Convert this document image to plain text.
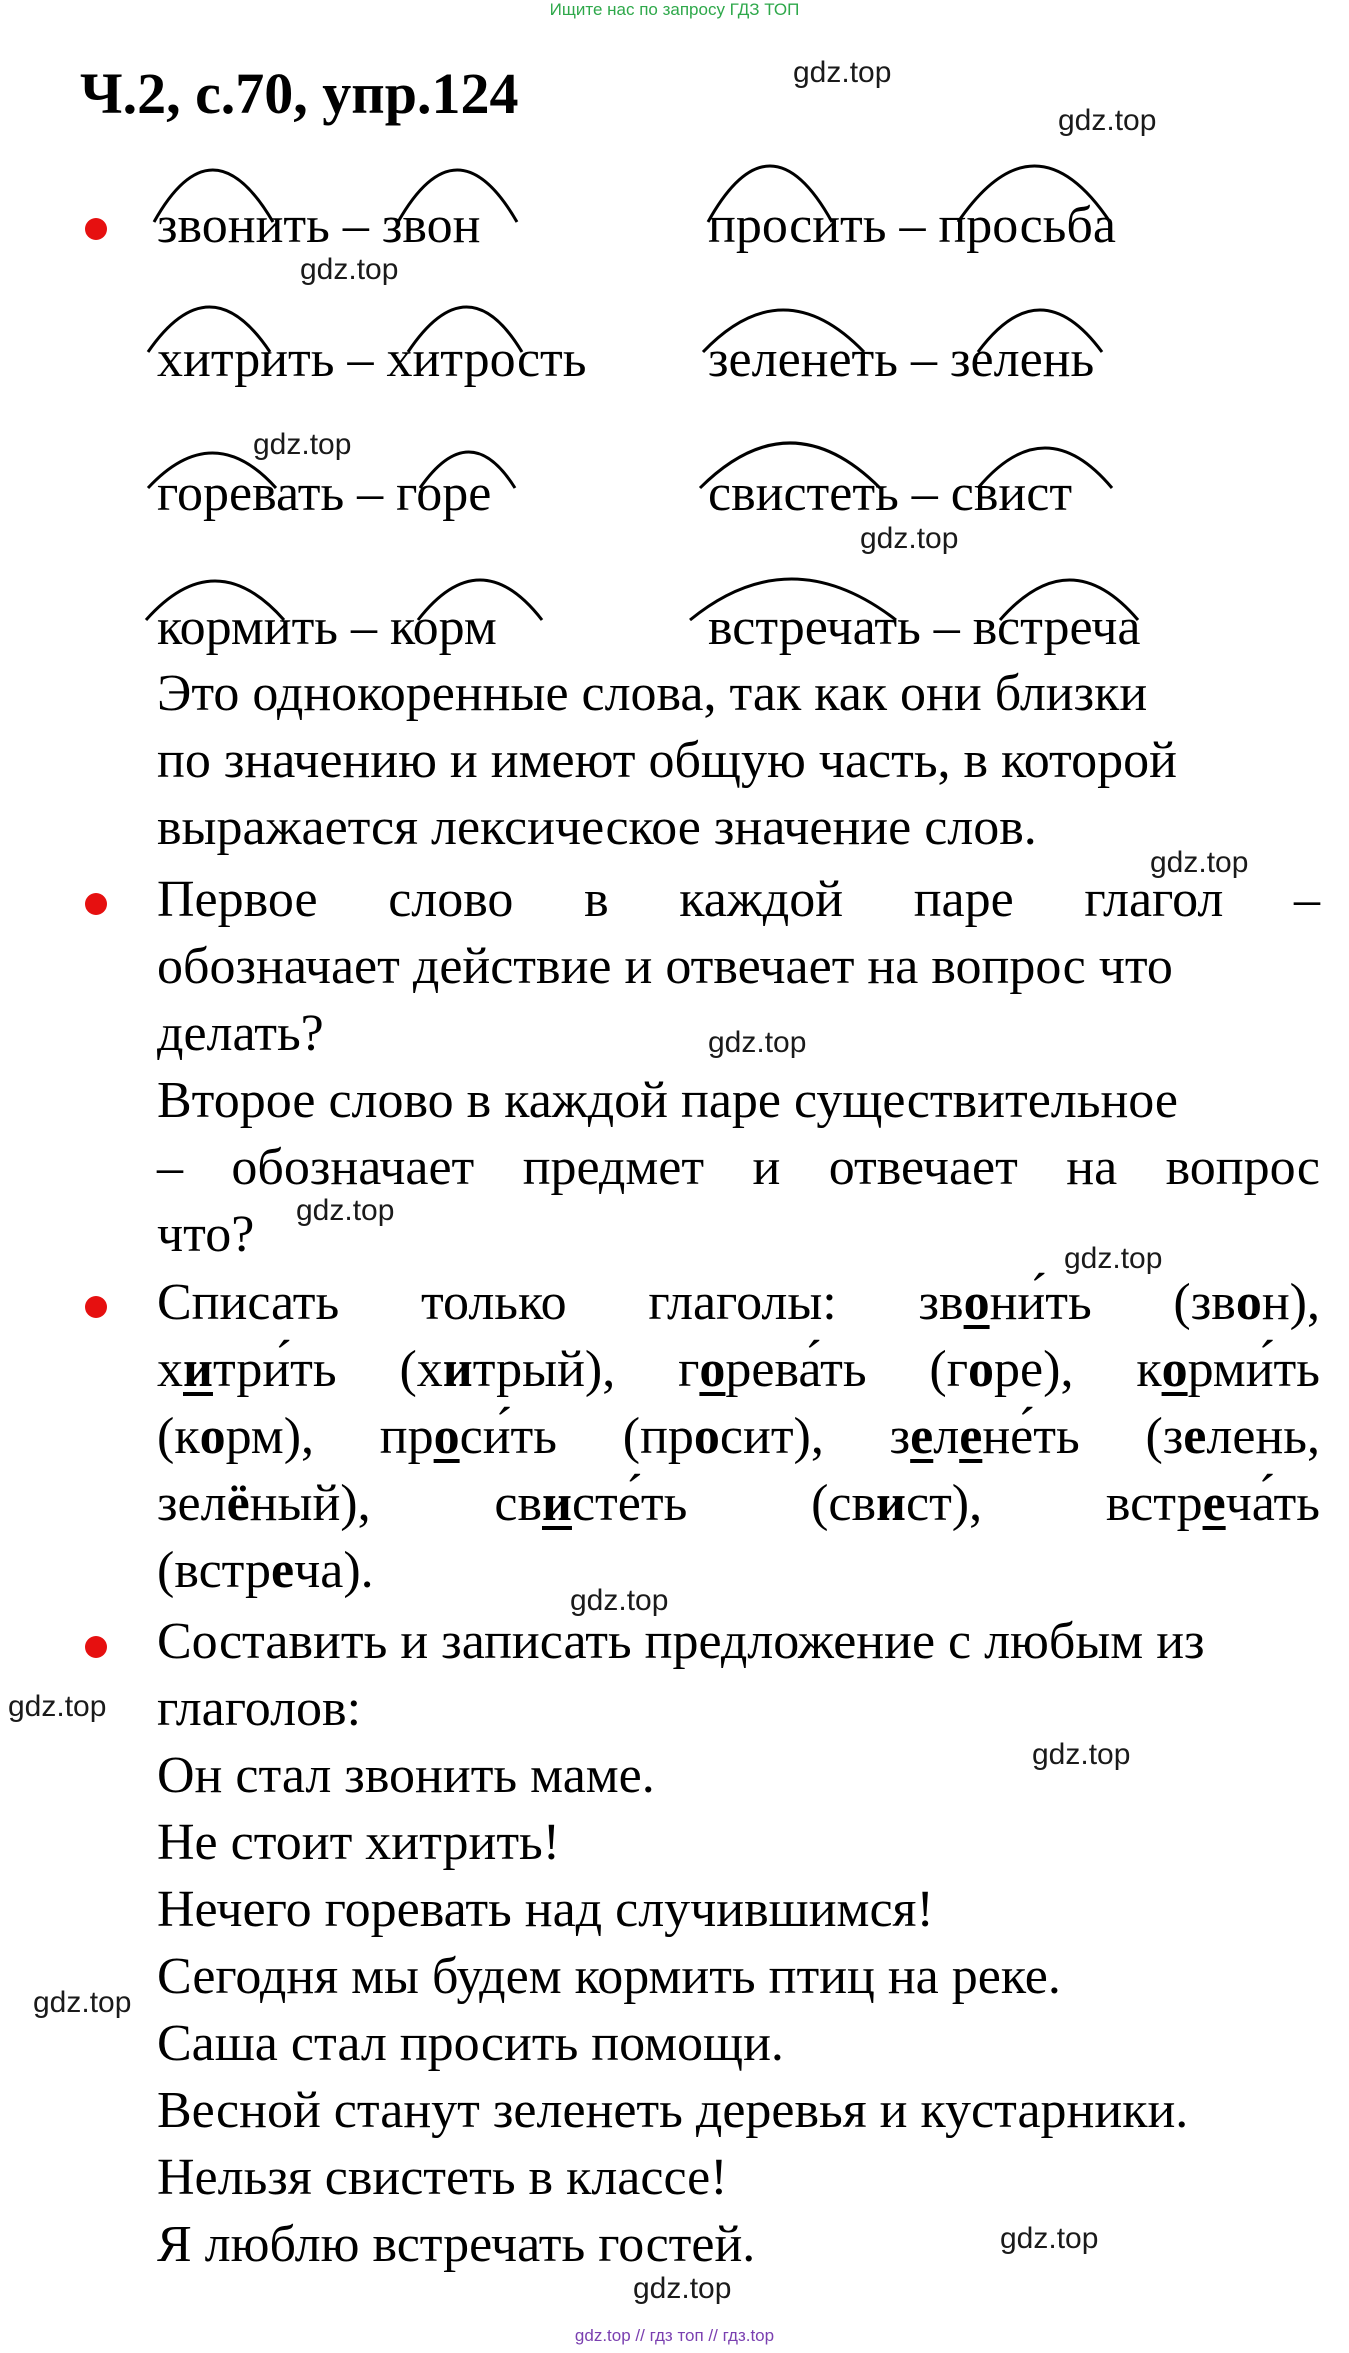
Ищите нас по запросу ГДЗ ТОП
Ч.2, с.70, упр.124	gdz.top
gdz.top
gdz.top
gdz.top
gdz.top
gdz.top
gdz.top
gdz.top
gdz.top
gdz.top
gdz.top
gdz.top
gdz.top
gdz.top
gdz.top
звонить – звон	просить – просьба
хитрить – хитрость зеленеть – зелень
горевать – горе	свистеть – свист
кормить – корм	встречать – встреча
Это однокоренные слова, так как они близки
по значению и имеют общую часть, в которой
выражается лексическое значение слов.
Первое слово в каждой паре глагол –
обозначает действие и отвечает на вопрос что
делать?
Второе слово в каждой паре существительное
– обозначает предмет и отвечает на вопрос
что?
Списать только глаголы: звони́ть (звон),
хитри́ть (хитрый), горева́ть (горе), корми́ть
(корм), проси́ть (просит), зелене́ть (зелень,
зелёный), свисте́ть (свист), встреча́ть
(встреча).
Составить и записать предложение с любым из
глаголов:
Он стал звонить маме.
Не стоит хитрить!
Нечего горевать над случившимся!
Сегодня мы будем кормить птиц на реке.
Саша стал просить помощи.
Весной станут зеленеть деревья и кустарники.
Нельзя свистеть в классе!
Я люблю встречать гостей.
gdz.top // гдз топ // гдз.top
